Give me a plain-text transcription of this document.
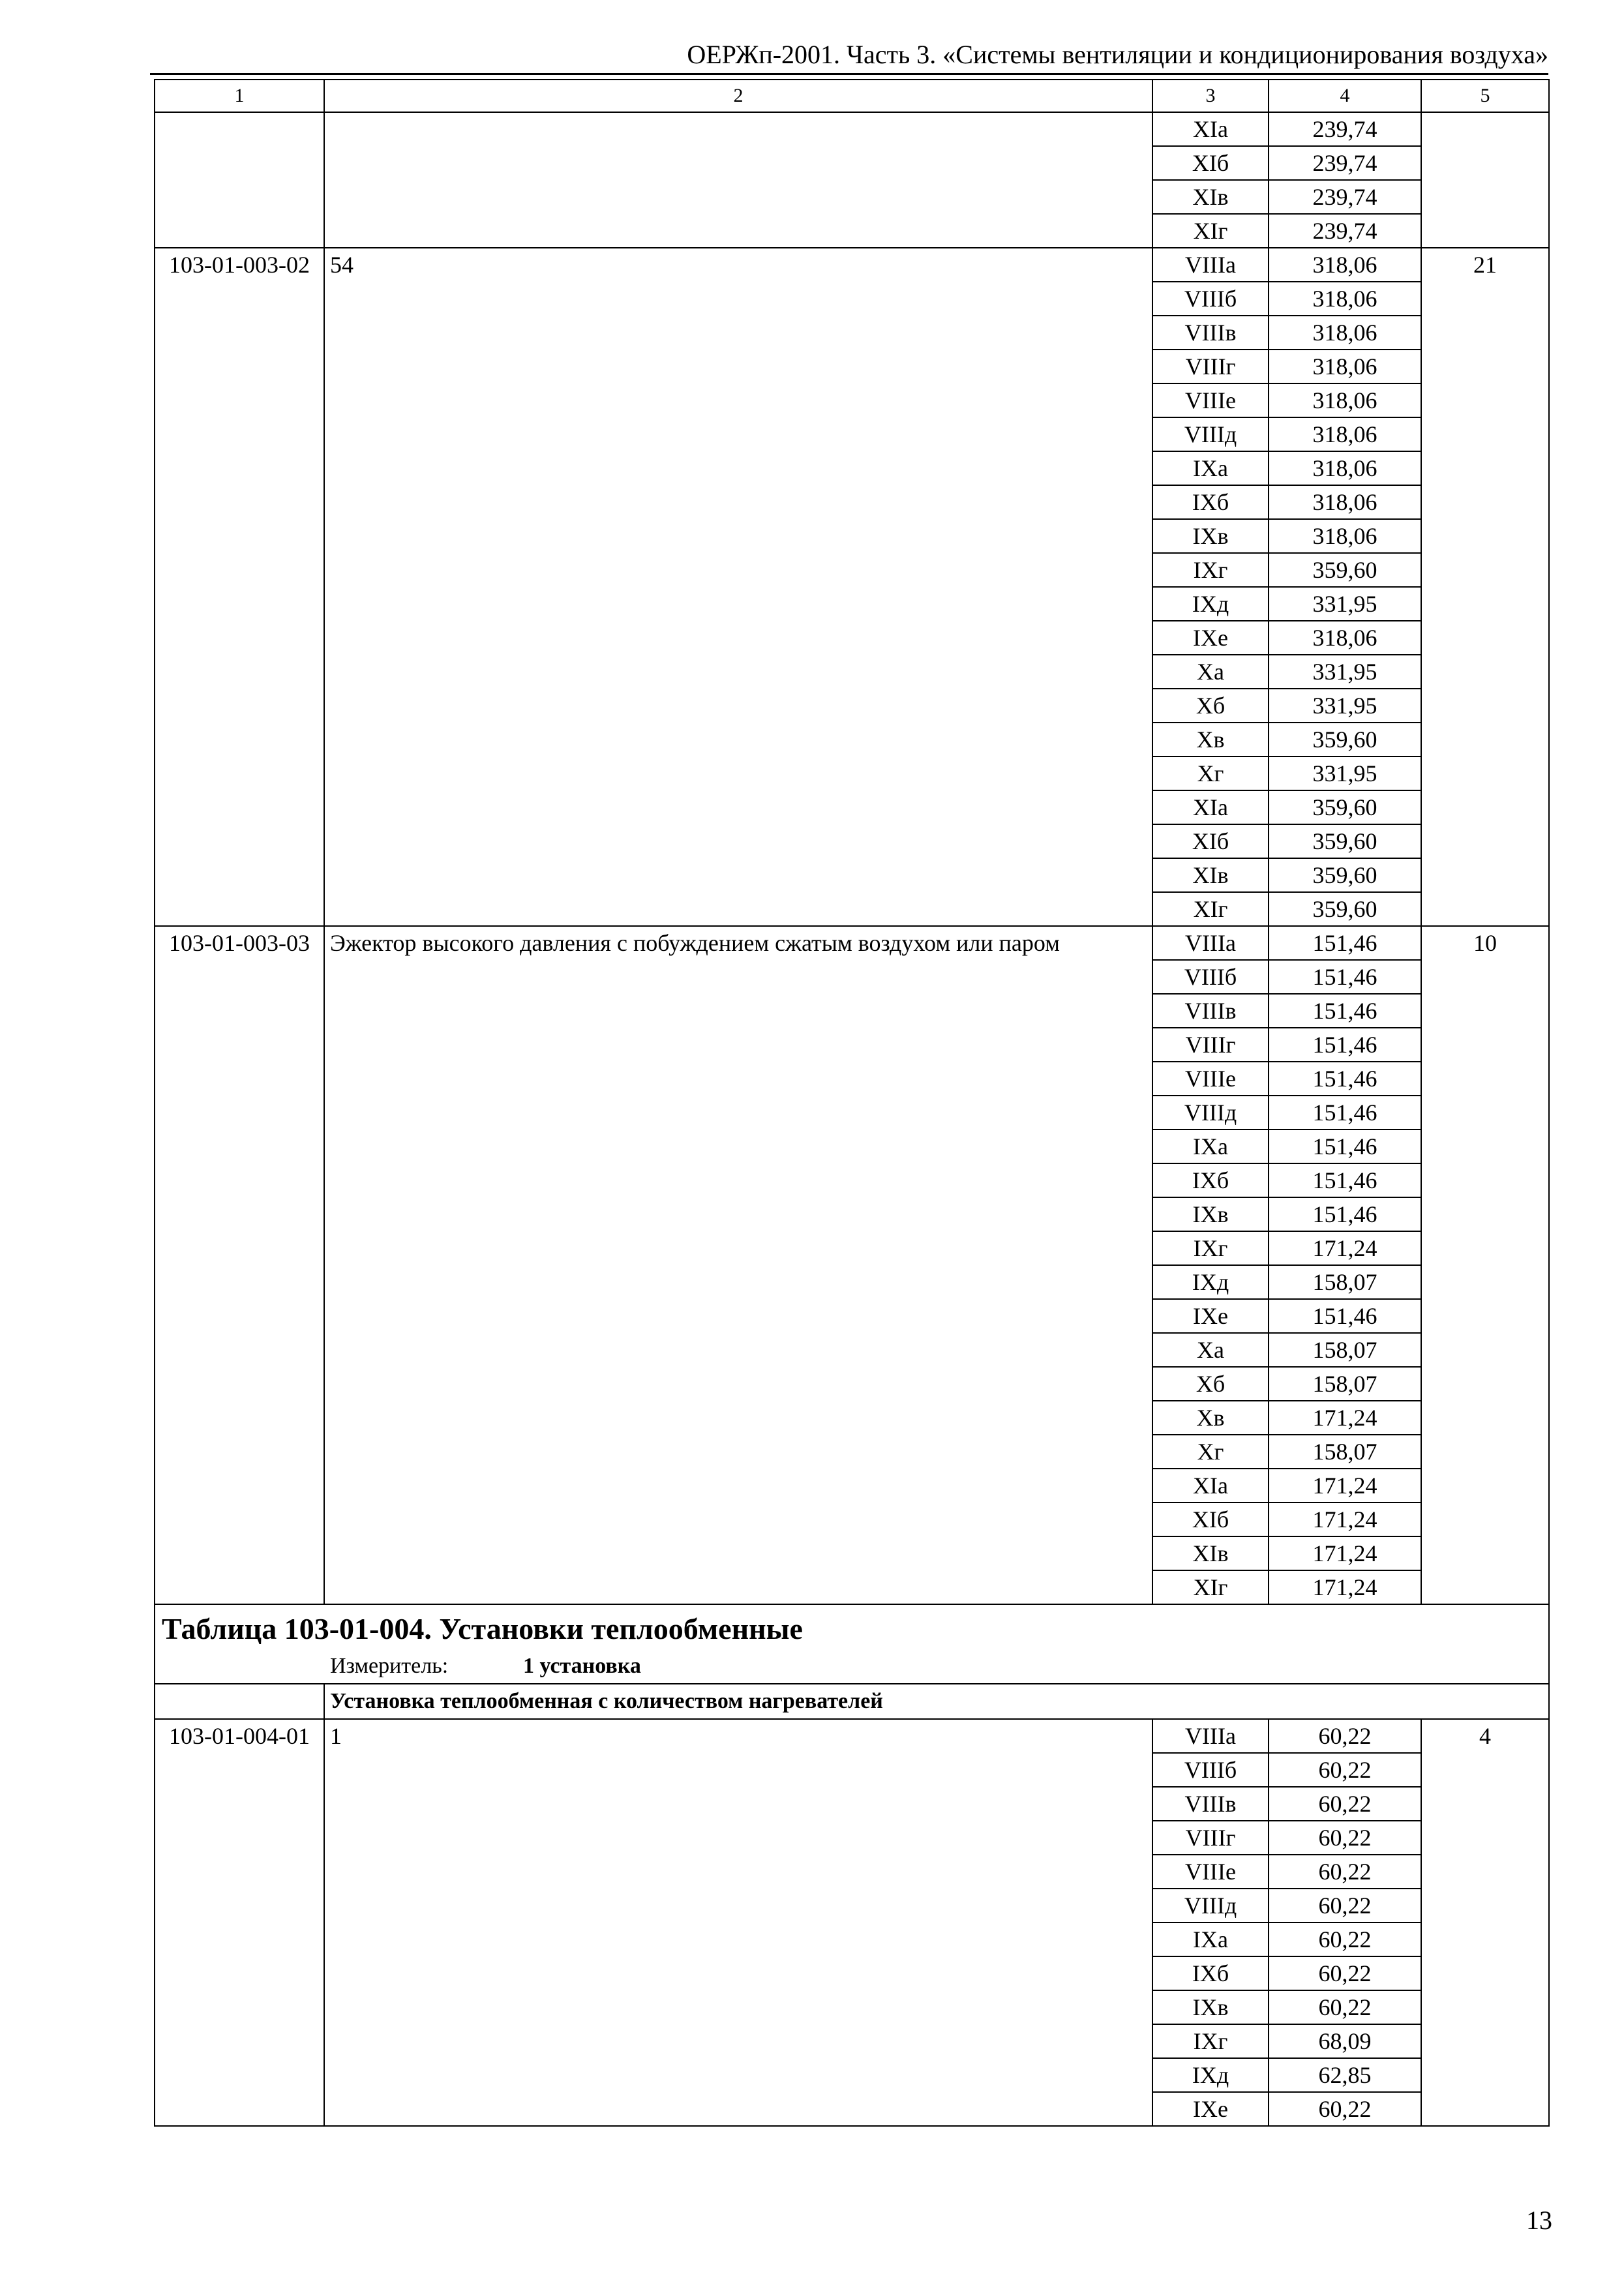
ОЕРЖп-2001. Часть 3. «Системы вентиляции и кондиционирования воздуха»
1	2	3	4	5
		XIа	239,74	
		XIб	239,74	
		XIв	239,74	
		XIг	239,74	
103-01-003-02	54	VIIIа	318,06	21
		VIIIб	318,06	
		VIIIв	318,06	
		VIIIг	318,06	
		VIIIе	318,06	
		VIIIд	318,06	
		IXа	318,06	
		IXб	318,06	
		IXв	318,06	
		IXг	359,60	
		IXд	331,95	
		IXе	318,06	
		Xа	331,95	
		Xб	331,95	
		Xв	359,60	
		Xг	331,95	
		XIа	359,60	
		XIб	359,60	
		XIв	359,60	
		XIг	359,60	
103-01-003-03	Эжектор высокого давления с побуждением сжатым воздухом или паром	VIIIа	151,46	10
		VIIIб	151,46	
		VIIIв	151,46	
		VIIIг	151,46	
		VIIIе	151,46	
		VIIIд	151,46	
		IXа	151,46	
		IXб	151,46	
		IXв	151,46	
		IXг	171,24	
		IXд	158,07	
		IXе	151,46	
		Xа	158,07	
		Xб	158,07	
		Xв	171,24	
		Xг	158,07	
		XIа	171,24	
		XIб	171,24	
		XIв	171,24	
		XIг	171,24	

Таблица 103-01-004. Установки теплообменные
Измеритель: 1 установка				

	Установка теплообменная с количеством нагревателей			
103-01-004-01	1	VIIIа	60,22	4
		VIIIб	60,22	
		VIIIв	60,22	
		VIIIг	60,22	
		VIIIе	60,22	
		VIIIд	60,22	
		IXа	60,22	
		IXб	60,22	
		IXв	60,22	
		IXг	68,09	
		IXд	62,85	
		IXе	60,22	
13
